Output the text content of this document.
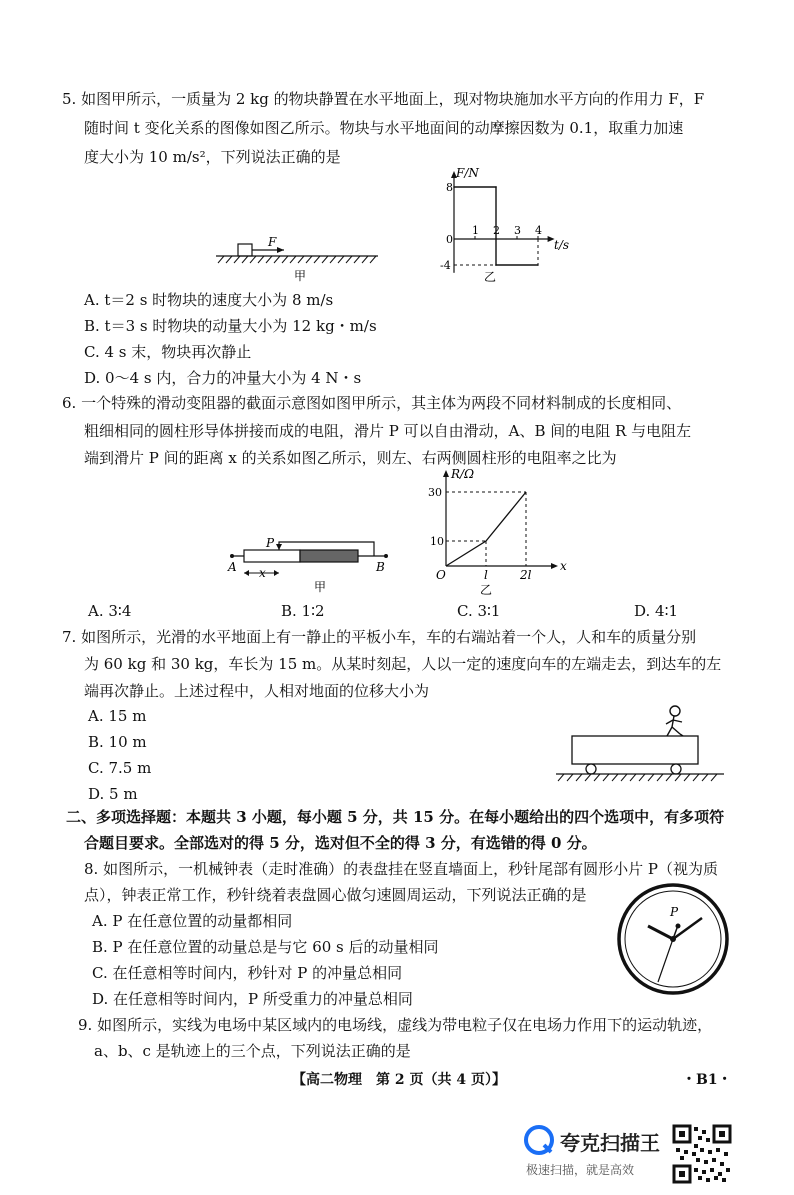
5. 如图甲所示，一质量为 2 kg 的物块静置在水平地面上，现对物块施加水平方向的作用力 F，F
随时间 t 变化关系的图像如图乙所示。物块与水平地面间的动摩擦因数为 0.1，取重力加速
度大小为 10 m/s²，下列说法正确的是
F
甲
F/N
t/s
乙
1 2 3 4
8
0
-4
A. t＝2 s 时物块的速度大小为 8 m/s
B. t＝3 s 时物块的动量大小为 12 kg・m/s
C. 4 s 末，物块再次静止
D. 0～4 s 内，合力的冲量大小为 4 N・s
6. 一个特殊的滑动变阻器的截面示意图如图甲所示，其主体为两段不同材料制成的长度相同、
粗细相同的圆柱形导体拼接而成的电阻，滑片 P 可以自由滑动，A、B 间的电阻 R 与电阻左
端到滑片 P 间的距离 x 的关系如图乙所示，则左、右两侧圆柱形的电阻率之比为
P
A	B
x
甲
R/Ω
x
O
30
10
l	2l
乙
A. 3∶4	B. 1∶2	C. 3∶1	D. 4∶1
7. 如图所示，光滑的水平地面上有一静止的平板小车，车的右端站着一个人，人和车的质量分别
为 60 kg 和 30 kg，车长为 15 m。从某时刻起，人以一定的速度向车的左端走去，到达车的左
端再次静止。上述过程中，人相对地面的位移大小为
A. 15 m
B. 10 m
C. 7.5 m
D. 5 m
二、多项选择题：本题共 3 小题，每小题 5 分，共 15 分。在每小题给出的四个选项中，有多项符
合题目要求。全部选对的得 5 分，选对但不全的得 3 分，有选错的得 0 分。
8. 如图所示，一机械钟表（走时准确）的表盘挂在竖直墙面上，秒针尾部有圆形小片 P（视为质
点），钟表正常工作，秒针绕着表盘圆心做匀速圆周运动，下列说法正确的是
A. P 在任意位置的动量都相同
B. P 在任意位置的动量总是与它 60 s 后的动量相同
C. 在任意相等时间内，秒针对 P 的冲量总相同
D. 在任意相等时间内，P 所受重力的冲量总相同
P
9. 如图所示，实线为电场中某区域内的电场线，虚线为带电粒子仅在电场力作用下的运动轨迹，
a、b、c 是轨迹上的三个点，下列说法正确的是
【高二物理　第 2 页（共 4 页）】	・B1・
夸克扫描王
极速扫描，就是高效
